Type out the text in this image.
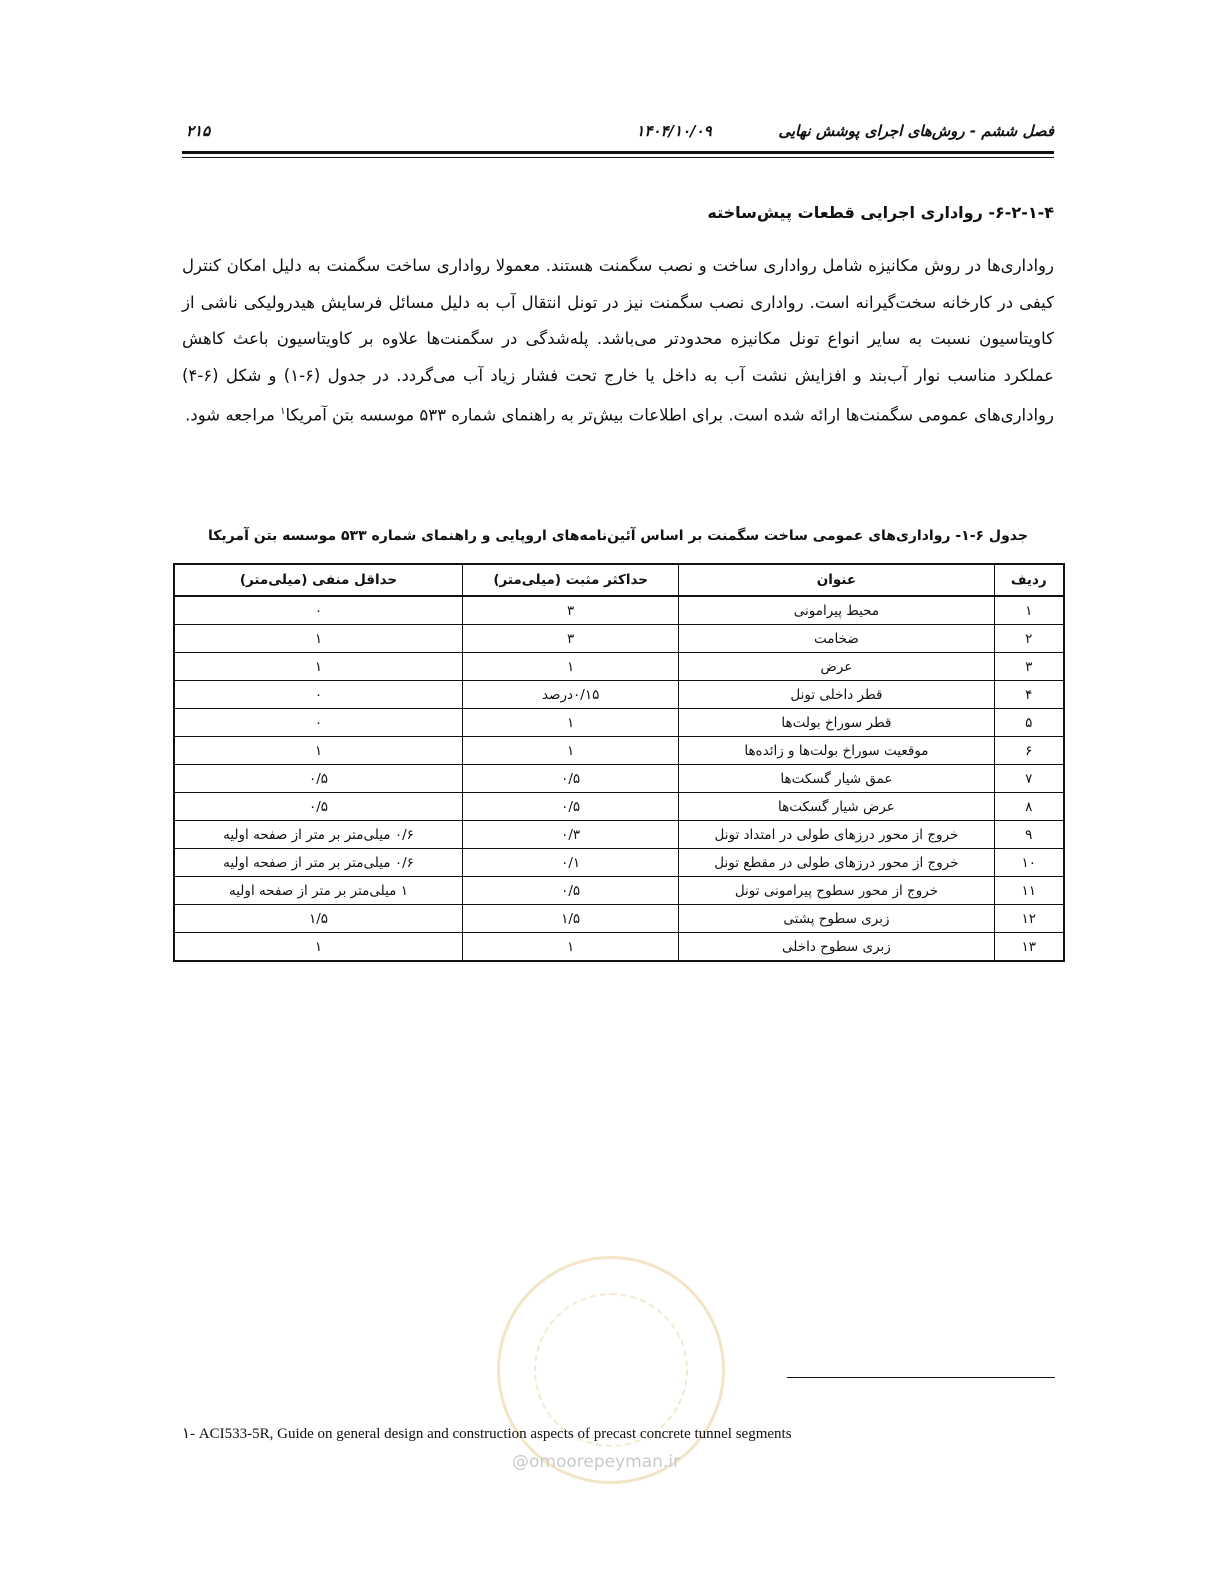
فصل ششم - روش‌های اجرای پوشش نهایی
۱۴۰۴/۱۰/۰۹
۲۱۵
۶-۲-۱-۴- رواداری اجرایی قطعات پیش‌ساخته
رواداری‌ها در روش مکانیزه شامل رواداری ساخت و نصب سگمنت هستند. معمولا رواداری ساخت سگمنت به دلیل امکان کنترل کیفی در کارخانه سخت‌گیرانه است. رواداری نصب سگمنت نیز در تونل انتقال آب به دلیل مسائل فرسایش هیدرولیکی ناشی از کاویتاسیون نسبت به سایر انواع تونل مکانیزه محدودتر می‌باشد. پله‌شدگی در سگمنت‌ها علاوه بر کاویتاسیون باعث کاهش عملکرد مناسب نوار آب‌بند و افزایش نشت آب به داخل یا خارج تحت فشار زیاد آب می‌گردد. در جدول (۶-۱) و شکل (۶-۴) رواداری‌های عمومی سگمنت‌ها ارائه شده است. برای اطلاعات بیش‌تر به راهنمای شماره ۵۳۳ موسسه بتن آمریکا$^۱$ مراجعه شود.
جدول ۶-۱- رواداری‌های عمومی ساخت سگمنت بر اساس آئین‌نامه‌های اروپایی و راهنمای شماره ۵۳۳ موسسه بتن آمریکا
ردیف	عنوان	حداکثر مثبت (میلی‌متر)	حداقل منفی (میلی‌متر)
۱	محیط پیرامونی	۳	۰
۲	ضخامت	۳	۱
۳	عرض	۱	۱
۴	قطر داخلی تونل	۰/۱۵درصد	۰
۵	قطر سوراخ بولت‌ها	۱	۰
۶	موقعیت سوراخ بولت‌ها و زائده‌ها	۱	۱
۷	عمق شیار گسکت‌ها	۰/۵	۰/۵
۸	عرض شیار گسکت‌ها	۰/۵	۰/۵
۹	خروج از محور درزهای طولی در امتداد تونل	۰/۳	۰/۶ میلی‌متر بر متر از صفحه اولیه
۱۰	خروج از محور درزهای طولی در مقطع تونل	۰/۱	۰/۶ میلی‌متر بر متر از صفحه اولیه
۱۱	خروج از محور سطوح پیرامونی تونل	۰/۵	۱ میلی‌متر بر متر از صفحه اولیه
۱۲	زبری سطوح پشتی	۱/۵	۱/۵
۱۳	زبری سطوح داخلی	۱	۱
@omoorepeyman.ir
۱- ACI533-5R, Guide on general design and construction aspects of precast concrete tunnel segments
